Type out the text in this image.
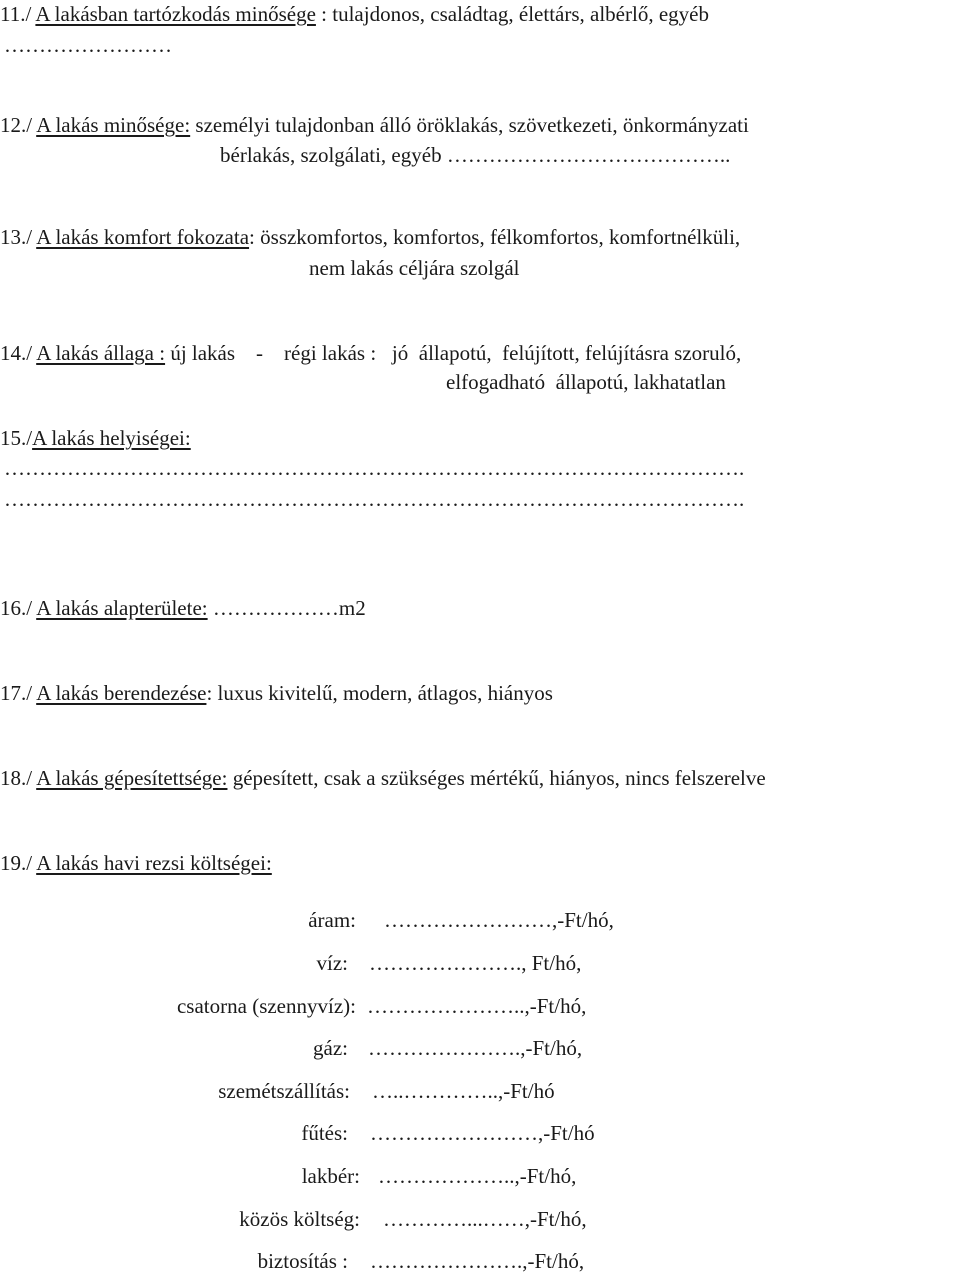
11./ A lakásban tartózkodás minősége : tulajdonos, családtag, élettárs, albérlő, egyéb
……………………
12./ A lakás minősége: személyi tulajdonban álló öröklakás, szövetkezeti, önkormányzati
bérlakás, szolgálati, egyéb …………………………………..
13./ A lakás komfort fokozata: összkomfortos, komfortos, félkomfortos, komfortnélküli,
nem lakás céljára szolgál
14./ A lakás állaga : új lakás    -    régi lakás :   jó  állapotú,  felújított, felújításra szoruló,
elfogadható  állapotú, lakhatatlan
15./A lakás helyiségei:
…………………………………………………………………………………………….
…………………………………………………………………………………………….
16./ A lakás alapterülete: ………………m2
17./ A lakás berendezése: luxus kivitelű, modern, átlagos, hiányos
18./ A lakás gépesítettsége: gépesített, csak a szükséges mértékű, hiányos, nincs felszerelve
19./ A lakás havi rezsi költségei:
áram: ……………………,-Ft/hó,
víz: …………………., Ft/hó,
csatorna (szennyvíz): …………………..,-Ft/hó,
gáz: ………………….,-Ft/hó,
szemétszállítás: …..…………..,-Ft/hó
fűtés: ……………………,-Ft/hó
lakbér: ………………..,-Ft/hó,
közös költség: …………...……,-Ft/hó,
biztosítás : ………………….,-Ft/hó,
